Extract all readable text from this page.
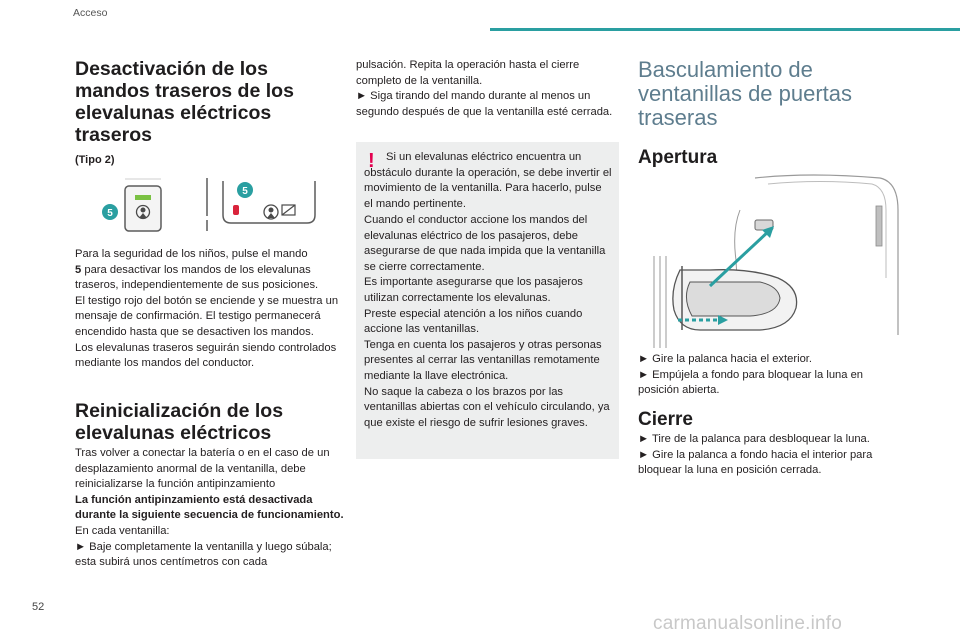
Acceso
Desactivación de los
mandos traseros de los
elevalunas eléctricos
traseros
(Tipo 2)
5
5

Para la seguridad de los niños, pulse el mando
5 para desactivar los mandos de los elevalunas traseros, independientemente de sus posiciones.

El testigo rojo del botón se enciende y se muestra un mensaje de confirmación. El testigo permanecerá encendido hasta que se desactiven los mandos.

Los elevalunas traseros seguirán siendo controlados mediante los mandos del conductor.

Reinicialización de los
elevalunas eléctricos

Tras volver a conectar la batería o en el caso de un desplazamiento anormal de la ventanilla, debe reinicializarse la función antipinzamiento

La función antipinzamiento está desactivada durante la siguiente secuencia de funcionamiento.

En cada ventanilla:

► Baje completamente la ventanilla y luego súbala; esta subirá unos centímetros con cada

pulsación. Repita la operación hasta el cierre completo de la ventanilla.

► Siga tirando del mando durante al menos un segundo después de que la ventanilla esté cerrada.

!	Si un elevalunas eléctrico encuentra un obstáculo durante la operación, se debe invertir el movimiento de la ventanilla. Para hacerlo, pulse el mando pertinente.

Cuando el conductor accione los mandos del elevalunas eléctrico de los pasajeros, debe asegurarse de que nada impida que la ventanilla se cierre correctamente.

Es importante asegurarse que los pasajeros utilizan correctamente los elevalunas.

Preste especial atención a los niños cuando accione las ventanillas.

Tenga en cuenta los pasajeros y otras personas presentes al cerrar las ventanillas remotamente mediante la llave electrónica.

No saque la cabeza o los brazos por las ventanillas abiertas con el vehículo circulando, ya que existe el riesgo de sufrir lesiones graves.

Basculamiento de
ventanillas de puertas
traseras
Apertura

► Gire la palanca hacia el exterior.

► Empújela a fondo para bloquear la luna en posición abierta.

Cierre

► Tire de la palanca para desbloquear la luna.

► Gire la palanca a fondo hacia el interior para bloquear la luna en posición cerrada.

52
carmanualsonline.info
